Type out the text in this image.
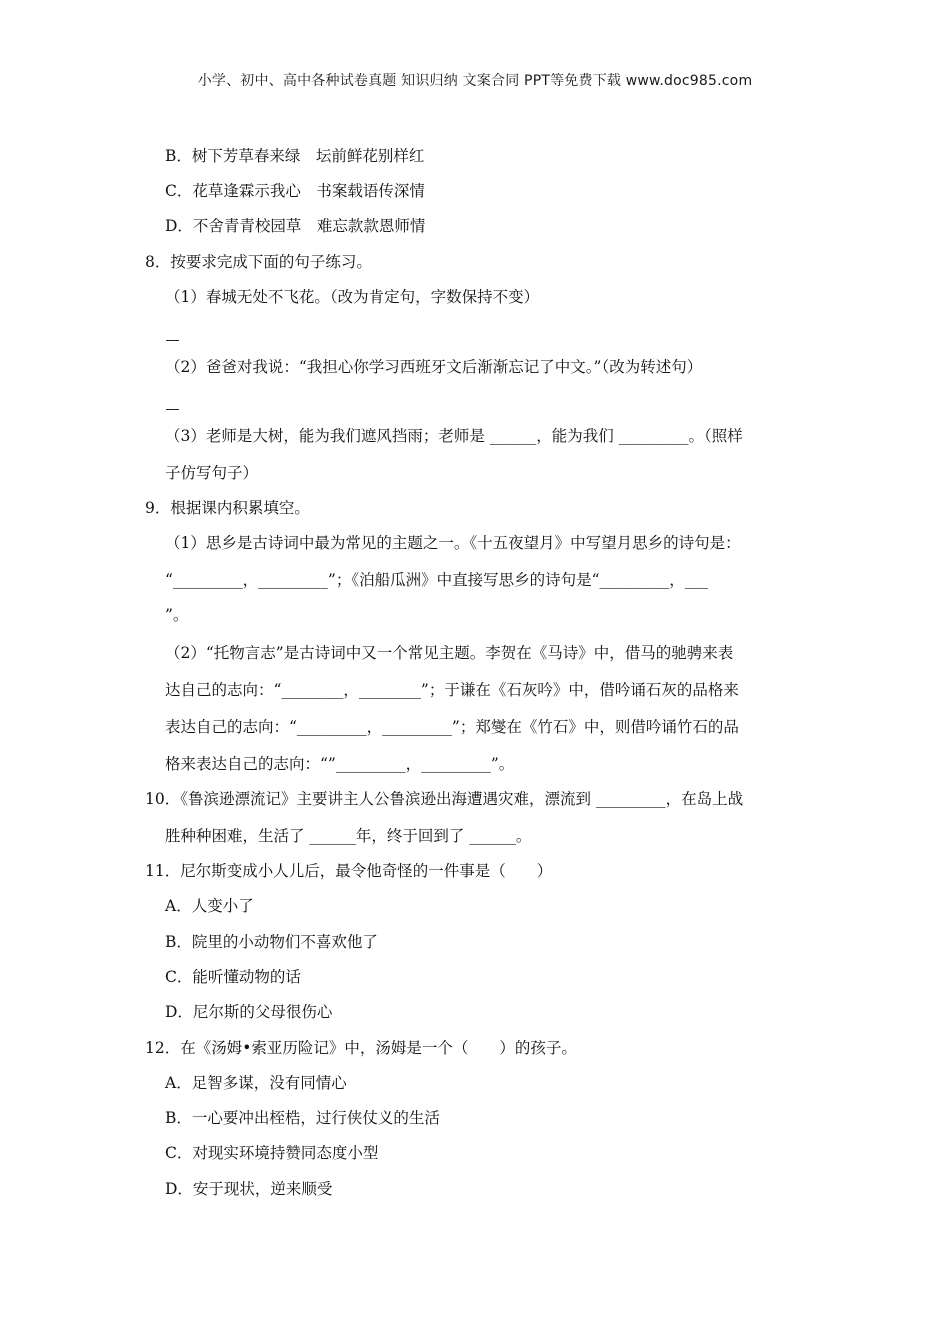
小学、初中、高中各种试卷真题 知识归纳 文案合同 PPT等免费下载 www.doc985.com
B．树下芳草春来绿　坛前鲜花别样红
C．花草逢霖示我心　书案载语传深情
D．不舍青青校园草　难忘款款恩师情
8．按要求完成下面的句子练习。
（1）春城无处不飞花。（改为肯定句，字数保持不变）
（2）爸爸对我说：“我担心你学习西班牙文后渐渐忘记了中文。”（改为转述句）
（3）老师是大树，能为我们遮风挡雨；老师是 ______，能为我们 _________。（照样
子仿写句子）
9．根据课内积累填空。
（1）思乡是古诗词中最为常见的主题之一。《十五夜望月》中写望月思乡的诗句是：
“_________，_________”；《泊船瓜洲》中直接写思乡的诗句是“_________，___
”。
（2）“托物言志”是古诗词中又一个常见主题。李贺在《马诗》中，借马的驰骋来表
达自己的志向：“________，________”；于谦在《石灰吟》中，借吟诵石灰的品格来
表达自己的志向：“_________，_________”；郑燮在《竹石》中，则借吟诵竹石的品
格来表达自己的志向：“”_________，_________”。
10．《鲁滨逊漂流记》主要讲主人公鲁滨逊出海遭遇灾难，漂流到 _________，在岛上战
胜种种困难，生活了 ______年，终于回到了 ______。
11．尼尔斯变成小人儿后，最令他奇怪的一件事是（　　）
A．人变小了
B．院里的小动物们不喜欢他了
C．能听懂动物的话
D．尼尔斯的父母很伤心
12．在《汤姆•索亚历险记》中，汤姆是一个（　　）的孩子。
A．足智多谋，没有同情心
B．一心要冲出桎梏，过行侠仗义的生活
C．对现实环境持赞同态度小型
D．安于现状，逆来顺受
